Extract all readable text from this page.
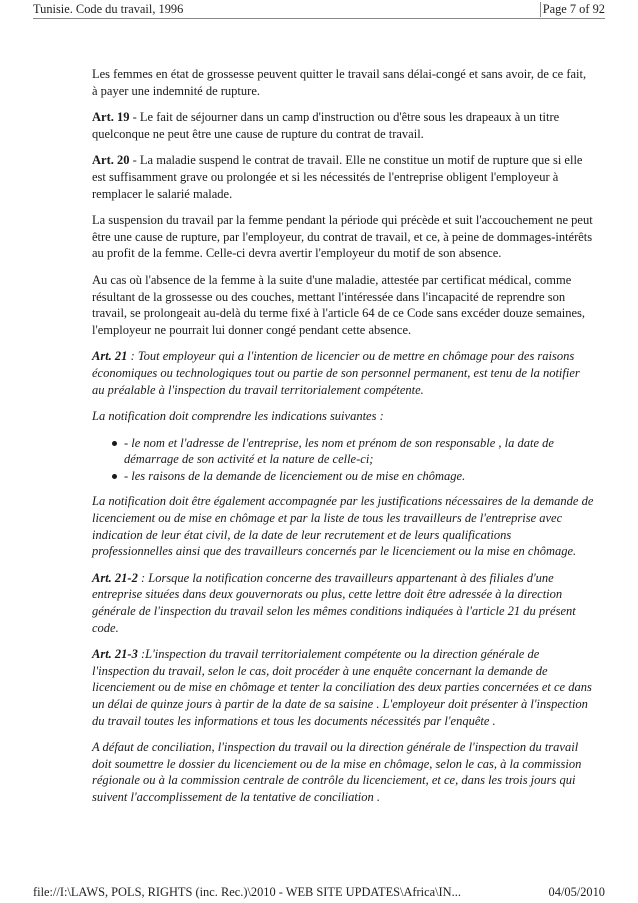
Tunisie. Code du travail, 1996	Page 7 of 92

Les femmes en état de grossesse peuvent quitter le travail sans délai-congé et sans avoir, de ce fait, à payer une indemnité de rupture.

Art. 19 - Le fait de séjourner dans un camp d'instruction ou d'être sous les drapeaux à un titre quelconque ne peut être une cause de rupture du contrat de travail.

Art. 20 - La maladie suspend le contrat de travail. Elle ne constitue un motif de rupture que si elle est suffisamment grave ou prolongée et si les nécessités de l'entreprise obligent l'employeur à remplacer le salarié malade.

La suspension du travail par la femme pendant la période qui précède et suit l'accouchement ne peut être une cause de rupture, par l'employeur, du contrat de travail, et ce, à peine de dommages-intérêts au profit de la femme. Celle-ci devra avertir l'employeur du motif de son absence.

Au cas où l'absence de la femme à la suite d'une maladie, attestée par certificat médical, comme résultant de la grossesse ou des couches, mettant l'intéressée dans l'incapacité de reprendre son travail, se prolongeait au-delà du terme fixé à l'article 64 de ce Code sans excéder douze semaines, l'employeur ne pourrait lui donner congé pendant cette absence.

Art. 21 : Tout employeur qui a l'intention de licencier ou de mettre en chômage pour des raisons économiques ou technologiques tout ou partie de son personnel permanent, est tenu de la notifier au préalable à l'inspection du travail territorialement compétente.

La notification doit comprendre les indications suivantes :

- le nom et l'adresse de l'entreprise, les nom et prénom de son responsable , la date de démarrage de son activité et la nature de celle-ci;
- les raisons de la demande de licenciement ou de mise en chômage.

La notification doit être également accompagnée par les justifications nécessaires de la demande de licenciement ou de mise en chômage et par la liste de tous les travailleurs de l'entreprise avec indication de leur état civil, de la date de leur recrutement et de leurs qualifications professionnelles ainsi que des travailleurs concernés par le licenciement ou la mise en chômage.

Art. 21-2 : Lorsque la notification concerne des travailleurs appartenant à des filiales d'une entreprise situées dans deux gouvernorats ou plus, cette lettre doit être adressée à la direction générale de l'inspection du travail selon les mêmes conditions indiquées à l'article 21 du présent code.

Art. 21-3 :L'inspection du travail territorialement compétente ou la direction générale de l'inspection du travail, selon le cas, doit procéder à une enquête concernant la demande de licenciement ou de mise en chômage et tenter la conciliation des deux parties concernées et ce dans un délai de quinze jours à partir de la date de sa saisine . L'employeur doit présenter à l'inspection du travail toutes les informations et tous les documents nécessités par l'enquête .

A défaut de conciliation, l'inspection du travail ou la direction générale de l'inspection du travail doit soumettre le dossier du licenciement ou de la mise en chômage, selon le cas, à la commission régionale ou à la commission centrale de contrôle du licenciement, et ce, dans les trois jours qui suivent l'accomplissement de la tentative de conciliation .

file://I:\LAWS, POLS, RIGHTS (inc. Rec.)\2010 - WEB SITE UPDATES\Africa\IN...	04/05/2010
